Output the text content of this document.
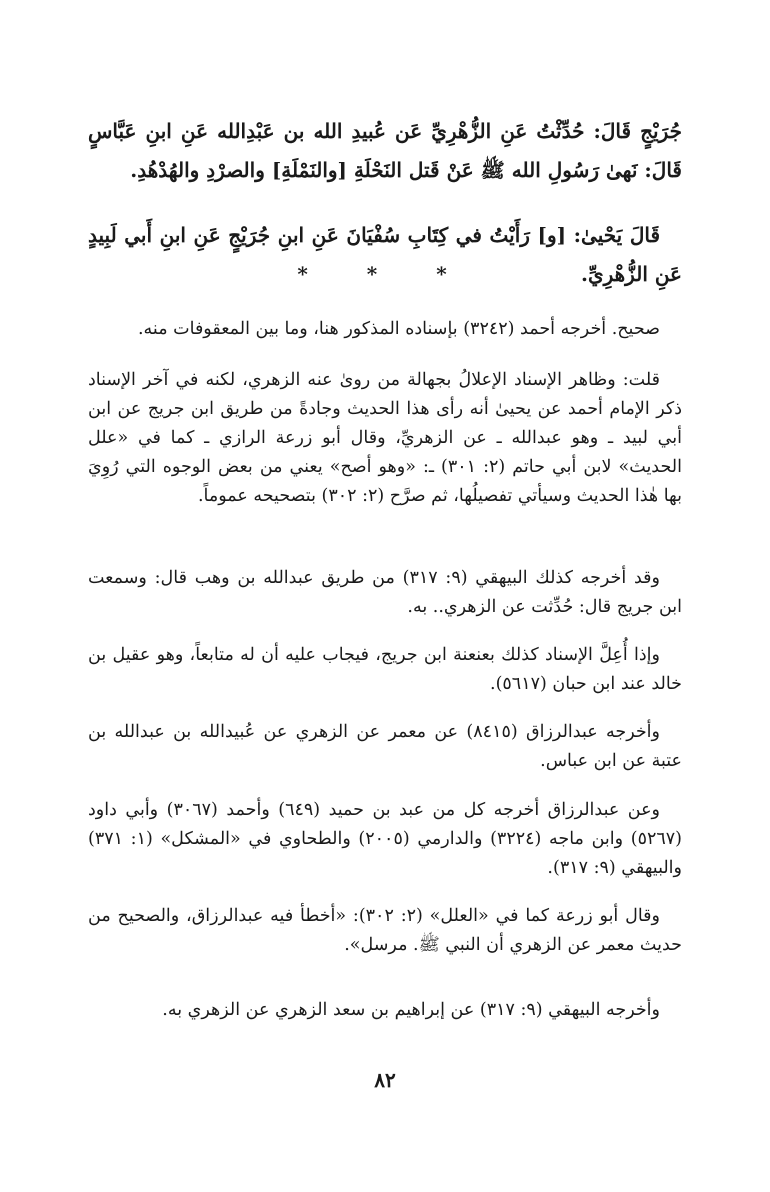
جُرَيْجٍ قَالَ: حُدِّثْتُ عَنِ الزُّهْرِيِّ عَن عُبيدِ الله بن عَبْدِالله عَنِ ابنِ عَبَّاسٍ قَالَ: نَهىٰ رَسُولِ الله ﷺ عَنْ قَتل النَحْلَةِ [والنَمْلَةِ] والصرْدِ والهُدْهُدِ.

قَالَ يَحْيىٰ: [و] رَأَيْتُ في كِتَابِ سُفْيَانَ عَنِ ابنِ جُرَيْجٍ عَنِ ابنِ أَبي لَبِيدٍ عَنِ الزُّهْرِيِّ.

* * *

صحيح. أخرجه أحمد (٣٢٤٢) بإسناده المذكور هنا، وما بين المعقوفات منه.

قلت: وظاهر الإسناد الإعلالُ بجهالة من روىٰ عنه الزهري، لكنه في آخر الإسناد ذكر الإمام أحمد عن يحيىٰ أنه رأى هذا الحديث وجادةً من طريق ابن جريج عن ابن أبي لبيد ـ وهو عبدالله ـ عن الزهريِّ، وقال أبو زرعة الرازي ـ كما في «علل الحديث» لابن أبي حاتم (٢: ٣٠١) ـ: «وهو أصح» يعني من بعض الوجوه التي رُوِيَ بها هٰذا الحديث وسيأتي تفصيلُها، ثم صرَّح (٢: ٣٠٢) بتصحيحه عموماً.

وقد أخرجه كذلك البيهقي (٩: ٣١٧) من طريق عبدالله بن وهب قال: وسمعت ابن جريج قال: حُدِّثت عن الزهري.. به.

وإذا أُعِلَّ الإسناد كذلك بعنعنة ابن جريج، فيجاب عليه أن له متابعاً، وهو عقيل بن خالد عند ابن حبان (٥٦١٧).

وأخرجه عبدالرزاق (٨٤١٥) عن معمر عن الزهري عن عُبيدالله بن عبدالله بن عتبة عن ابن عباس.

وعن عبدالرزاق أخرجه كل من عبد بن حميد (٦٤٩) وأحمد (٣٠٦٧) وأبي داود (٥٢٦٧) وابن ماجه (٣٢٢٤) والدارمي (٢٠٠٥) والطحاوي في «المشكل» (١: ٣٧١) والبيهقي (٩: ٣١٧).

وقال أبو زرعة كما في «العلل» (٢: ٣٠٢): «أخطأ فيه عبدالرزاق، والصحيح من حديث معمر عن الزهري أن النبي ﷺ. مرسل».

وأخرجه البيهقي (٩: ٣١٧) عن إبراهيم بن سعد الزهري عن الزهري به.

٨٢
